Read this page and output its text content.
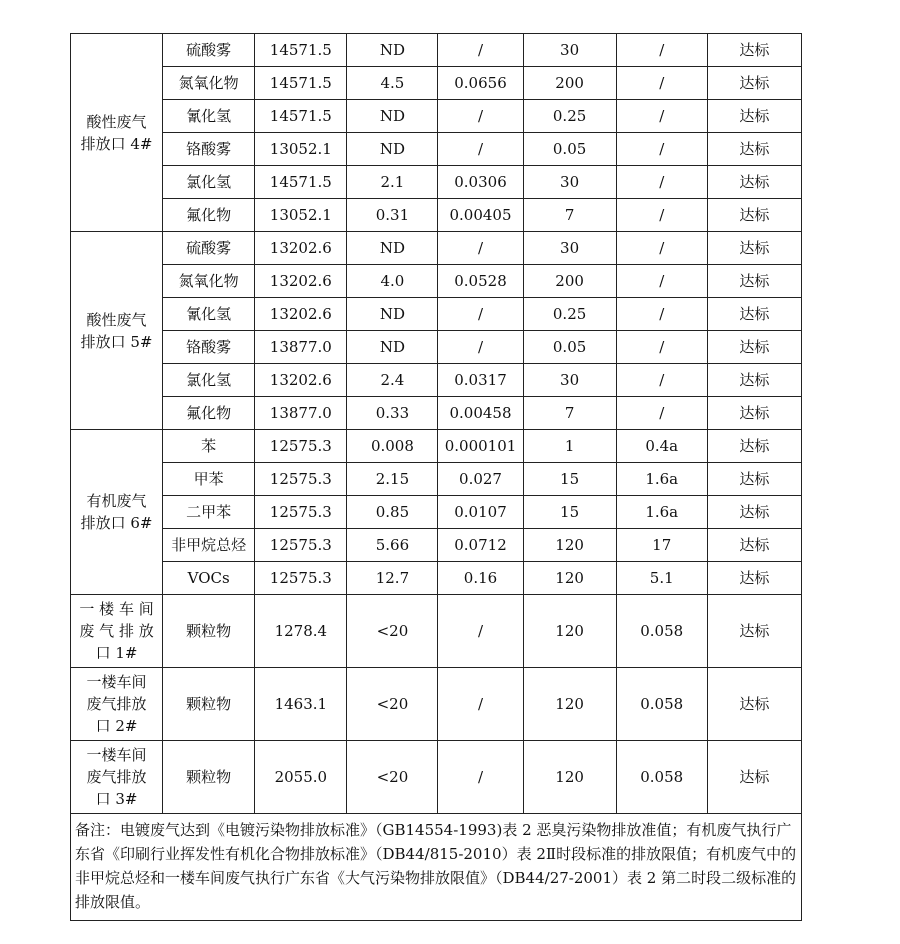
酸性废气
排放口 4#	硫酸雾	14571.5	ND	/	30	/	达标
	氮氧化物	14571.5	4.5	0.0656	200	/	达标
	氰化氢	14571.5	ND	/	0.25	/	达标
	铬酸雾	13052.1	ND	/	0.05	/	达标
	氯化氢	14571.5	2.1	0.0306	30	/	达标
	氟化物	13052.1	0.31	0.00405	7	/	达标

酸性废气
排放口 5#	硫酸雾	13202.6	ND	/	30	/	达标
	氮氧化物	13202.6	4.0	0.0528	200	/	达标
	氰化氢	13202.6	ND	/	0.25	/	达标
	铬酸雾	13877.0	ND	/	0.05	/	达标
	氯化氢	13202.6	2.4	0.0317	30	/	达标
	氟化物	13877.0	0.33	0.00458	7	/	达标

有机废气
排放口 6#	苯	12575.3	0.008	0.000101	1	0.4a	达标
	甲苯	12575.3	2.15	0.027	15	1.6a	达标
	二甲苯	12575.3	0.85	0.0107	15	1.6a	达标
	非甲烷总烃	12575.3	5.66	0.0712	120	17	达标
	VOCs	12575.3	12.7	0.16	120	5.1	达标

一 楼 车 间
废 气 排 放
口 1#	颗粒物	1278.4	<20	/	120	0.058	达标

一楼车间
废气排放
口 2#	颗粒物	1463.1	<20	/	120	0.058	达标

一楼车间
废气排放
口 3#	颗粒物	2055.0	<20	/	120	0.058	达标
备注：电镀废气达到《电镀污染物排放标准》（GB14554-1993)表 2 恶臭污染物排放准值；有机废气执行广东省《印刷行业挥发性有机化合物排放标准》（DB44/815-2010）表 2Ⅱ时段标准的排放限值；有机废气中的非甲烷总烃和一楼车间废气执行广东省《大气污染物排放限值》（DB44/27-2001）表 2 第二时段二级标准的排放限值。							
